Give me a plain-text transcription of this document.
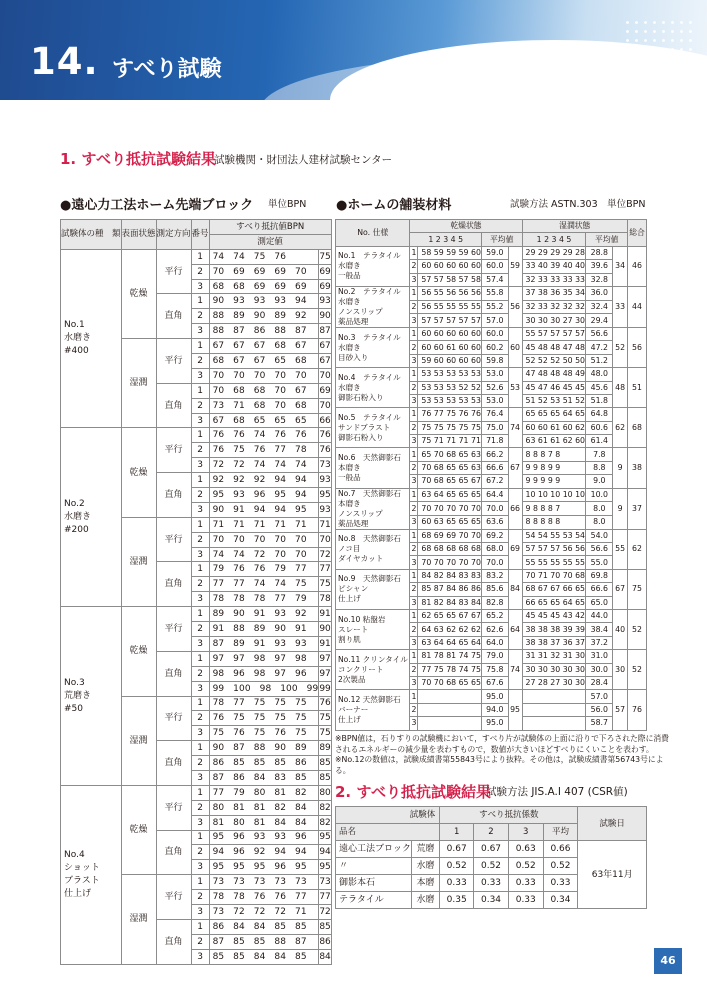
14. すべり試験
1. すべり抵抗試験結果
試験機関・財団法人建材試験センター
●遠心力工法ホーム先端ブロック 単位BPN ●ホームの舗装材料	試験方法 ASTN.303　単位BPN
試験体の種　類	表面状態	測定方向	番号	すべり抵抗値BPN	
				測定値	
No.1
水磨き
#400	乾燥	平行	1	74 74 75 76	75
			2	70 69 69 69 70	69
			3	68 68 69 69 69	69
		直角	1	90 93 93 93 94	93
			2	88 89 90 89 92	90
			3	88 87 86 88 87	87
	湿潤	平行	1	67 67 67 68 67	67
			2	68 67 67 65 68	67
			3	70 70 70 70 70	70
		直角	1	70 68 68 70 67	69
			2	73 71 68 70 68	70
			3	67 68 65 65 65	66
No.2
水磨き
#200	乾燥	平行	1	76 76 74 76 76	76
			2	76 75 76 77 78	76
			3	72 72 74 74 74	73
		直角	1	92 92 92 94 94	93
			2	95 93 96 95 94	95
			3	90 91 94 94 95	93
	湿潤	平行	1	71 71 71 71 71	71
			2	70 70 70 70 70	70
			3	74 74 72 70 70	72
		直角	1	79 76 76 79 77	77
			2	77 77 74 74 75	75
			3	78 78 78 77 79	78
No.3
荒磨き
#50	乾燥	平行	1	89 90 91 93 92	91
			2	91 88 89 90 91	90
			3	87 89 91 93 93	91
		直角	1	97 97 98 97 98	97
			2	98 96 98 97 96	97
			3	99 100 98 100 99	99
	湿潤	平行	1	78 77 75 75 75	76
			2	76 75 75 75 75	75
			3	75 76 75 76 75	75
		直角	1	90 87 88 90 89	89
			2	86 85 85 85 86	85
			3	87 86 84 83 85	85
No.4
ショット
ブラスト
仕上げ	乾燥	平行	1	77 79 80 81 82	80
			2	80 81 81 82 84	82
			3	81 80 81 84 84	82
		直角	1	95 96 93 93 96	95
			2	94 96 92 94 94	94
			3	95 95 95 96 95	95
	湿潤	平行	1	73 73 73 73 73	73
			2	78 78 76 76 77	77
			3	73 72 72 72 71	72
		直角	1	86 84 84 85 85	85
			2	87 85 85 88 87	86
			3	85 85 84 84 85	84
No. 仕様	乾燥状態				湿潤状態			総合
	1 2 3 4 5		平均値		1 2 3 4 5	平均値		
No.1　テラタイル
水磨き
一般品	1	58 59 59 59 60	59.0	59	29 29 29 29 28	28.8	34	46
	2	60 60 60 60 60	60.0		33 40 39 40 40	39.6		
	3	57 57 58 57 58	57.4		32 33 33 33 33	32.8		
No.2　テラタイル
水磨き
ノンスリップ
薬品処理	1	56 55 56 56 56	55.8	56	37 38 36 35 34	36.0	33	44
	2	56 55 55 55 55	55.2		32 33 32 32 32	32.4		
	3	57 57 57 57 57	57.0		30 30 30 27 30	29.4		
No.3　テラタイル
水磨き
目砂入り	1	60 60 60 60 60	60.0	60	55 57 57 57 57	56.6	52	56
	2	60 60 61 60 60	60.2		45 48 48 47 48	47.2		
	3	59 60 60 60 60	59.8		52 52 52 50 50	51.2		
No.4　テラタイル
水磨き
御影石粉入り	1	53 53 53 53 53	53.0	53	47 48 48 48 49	48.0	48	51
	2	53 53 53 52 52	52.6		45 47 46 45 45	45.6		
	3	53 53 53 53 53	53.0		51 52 53 51 52	51.8		
No.5　テラタイル
サンドブラスト
御影石粉入り	1	76 77 75 76 76	76.4	74	65 65 65 64 65	64.8	62	68
	2	75 75 75 75 75	75.0		60 60 61 60 62	60.6		
	3	75 71 71 71 71	71.8		63 61 61 62 60	61.4		
No.6　天然御影石
本磨き
一般品	1	65 70 68 65 63	66.2	67	8 8 8 7 8	7.8	9	38
	2	70 68 65 65 63	66.6		9 9 8 9 9	8.8		
	3	70 68 65 65 67	67.2		9 9 9 9 9	9.0		
No.7　天然御影石
本磨き
ノンスリップ
薬品処理	1	63 64 65 65 65	64.4	66	10 10 10 10 10	10.0	9	37
	2	70 70 70 70 70	70.0		9 8 8 8 7	8.0		
	3	60 63 65 65 65	63.6		8 8 8 8 8	8.0		
No.8　天然御影石
ノコ目
ダイヤカット	1	68 69 69 70 70	69.2	69	54 54 55 53 54	54.0	55	62
	2	68 68 68 68 68	68.0		57 57 57 56 56	56.6		
	3	70 70 70 70 70	70.0		55 55 55 55 55	55.0		
No.9　天然御影石
ピシャン
仕上げ	1	84 82 84 83 83	83.2	84	70 71 70 70 68	69.8	67	75
	2	85 87 84 86 86	85.6		68 67 67 66 65	66.6		
	3	81 82 84 83 84	82.8		66 65 65 64 65	65.0		
No.10 粘盤岩
スレート
割り肌	1	62 65 65 67 67	65.2	64	45 45 45 43 42	44.0	40	52
	2	64 63 62 62 62	62.6		38 38 38 39 39	38.4		
	3	63 64 64 65 64	64.0		38 38 37 36 37	37.2		
No.11 クリンタイル
コンクリート
2次製品	1	81 78 81 74 75	79.0	74	31 31 32 31 30	31.0	30	52
	2	77 75 78 74 75	75.8		30 30 30 30 30	30.0		
	3	70 70 68 65 65	67.6		27 28 27 30 30	28.4		
No.12 天然御影石
バーナー
仕上げ	1		95.0	95		57.0	57	76
	2		94.0			56.0		
	3		95.0			58.7		
※BPN値は，石りすりの試験機において，すべり片が試験体の上面に沿りで下ろされた際に消費されるエネルギーの減少量を表わすもので，数値が大きいほどすべりにくいことを表わす。
※No.12の数値は，試験成績書第55843号により抜粋。その他は，試験成績書第56743号による。
2. すべり抵抗試験結果
試験方法 JIS.A.I 407 (CSR値)
試験体		すべり抵抗係数				試験日
品名		1	2	3	平均	
遠心工法ブロック	荒磨	0.67	0.67	0.63	0.66	63年11月
〃	水磨	0.52	0.52	0.52	0.52	
御影本石	本磨	0.33	0.33	0.33	0.33	
テラタイル	水磨	0.35	0.34	0.33	0.34	
46
